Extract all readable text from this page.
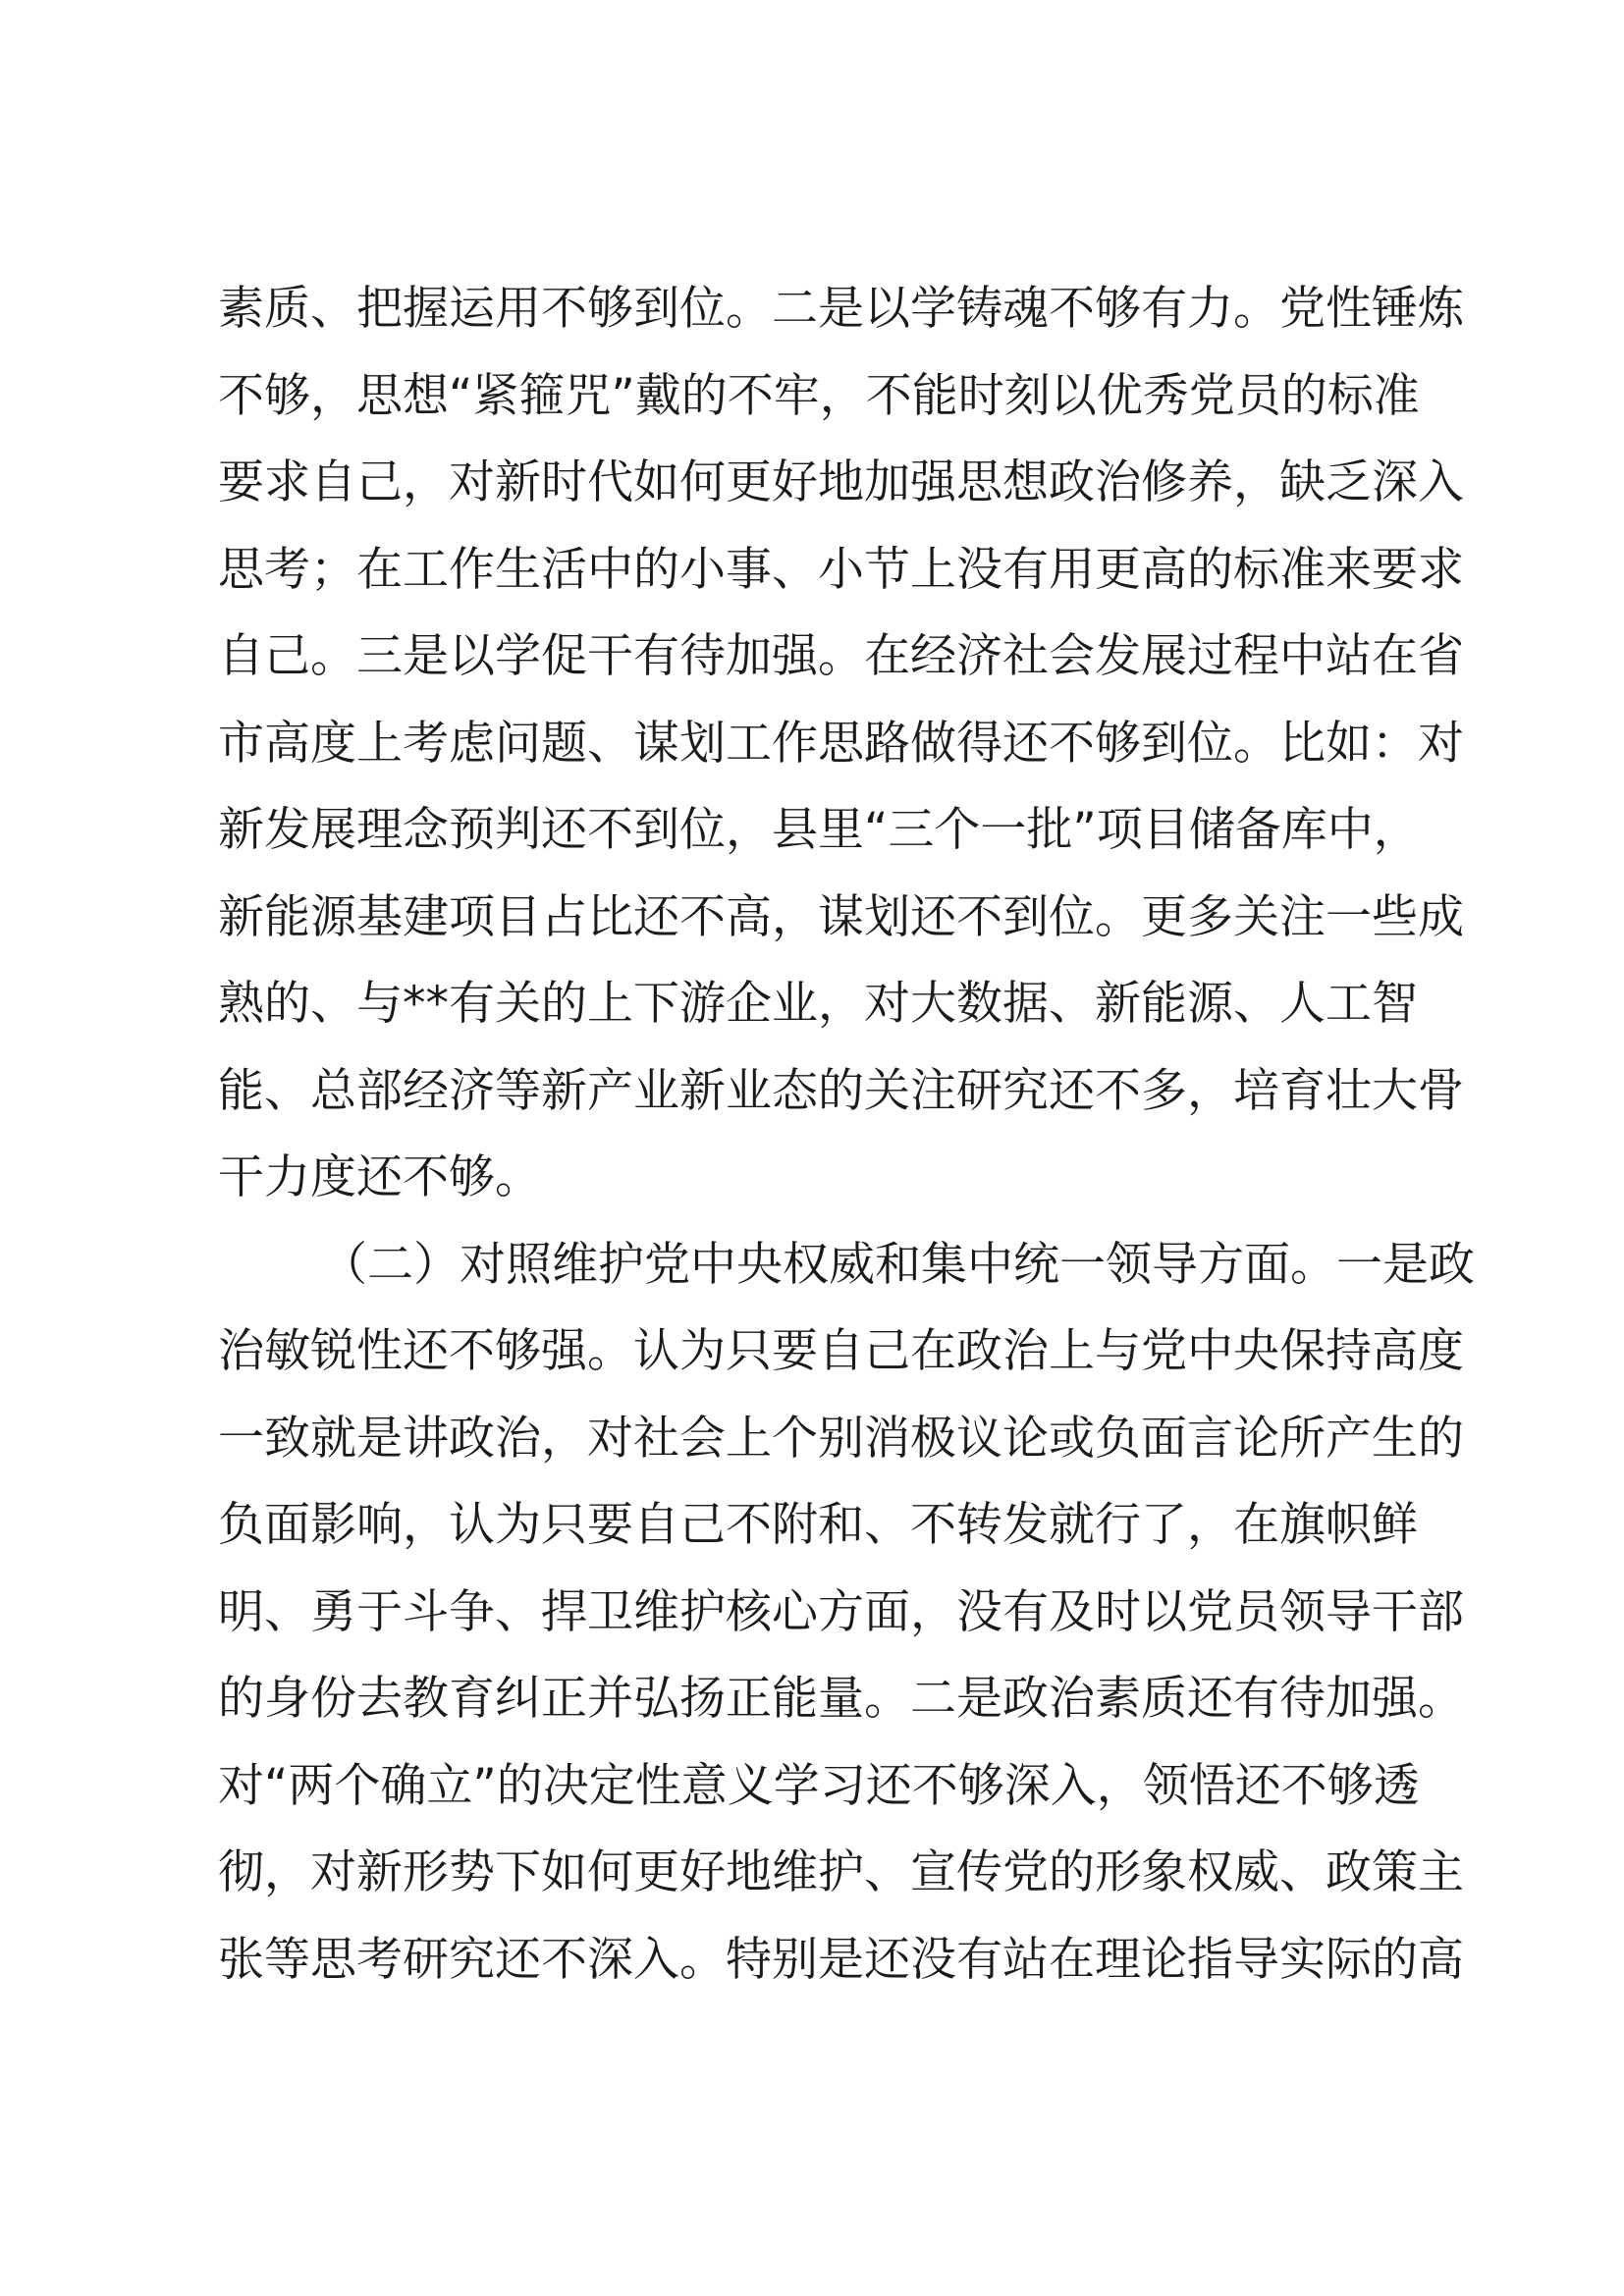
素质、把握运用不够到位。二是以学铸魂不够有力。党性锤炼
不够，思想“紧箍咒”戴的不牢，不能时刻以优秀党员的标准
要求自己，对新时代如何更好地加强思想政治修养，缺乏深入
思考；在工作生活中的小事、小节上没有用更高的标准来要求
自己。三是以学促干有待加强。在经济社会发展过程中站在省
市高度上考虑问题、谋划工作思路做得还不够到位。比如：对
新发展理念预判还不到位，县里“三个一批”项目储备库中，
新能源基建项目占比还不高，谋划还不到位。更多关注一些成
熟的、与**有关的上下游企业，对大数据、新能源、人工智
能、总部经济等新产业新业态的关注研究还不多，培育壮大骨
干力度还不够。
（二）对照维护党中央权威和集中统一领导方面。一是政
治敏锐性还不够强。认为只要自己在政治上与党中央保持高度
一致就是讲政治，对社会上个别消极议论或负面言论所产生的
负面影响，认为只要自己不附和、不转发就行了，在旗帜鲜
明、勇于斗争、捍卫维护核心方面，没有及时以党员领导干部
的身份去教育纠正并弘扬正能量。二是政治素质还有待加强。
对“两个确立”的决定性意义学习还不够深入，领悟还不够透
彻，对新形势下如何更好地维护、宣传党的形象权威、政策主
张等思考研究还不深入。特别是还没有站在理论指导实际的高
